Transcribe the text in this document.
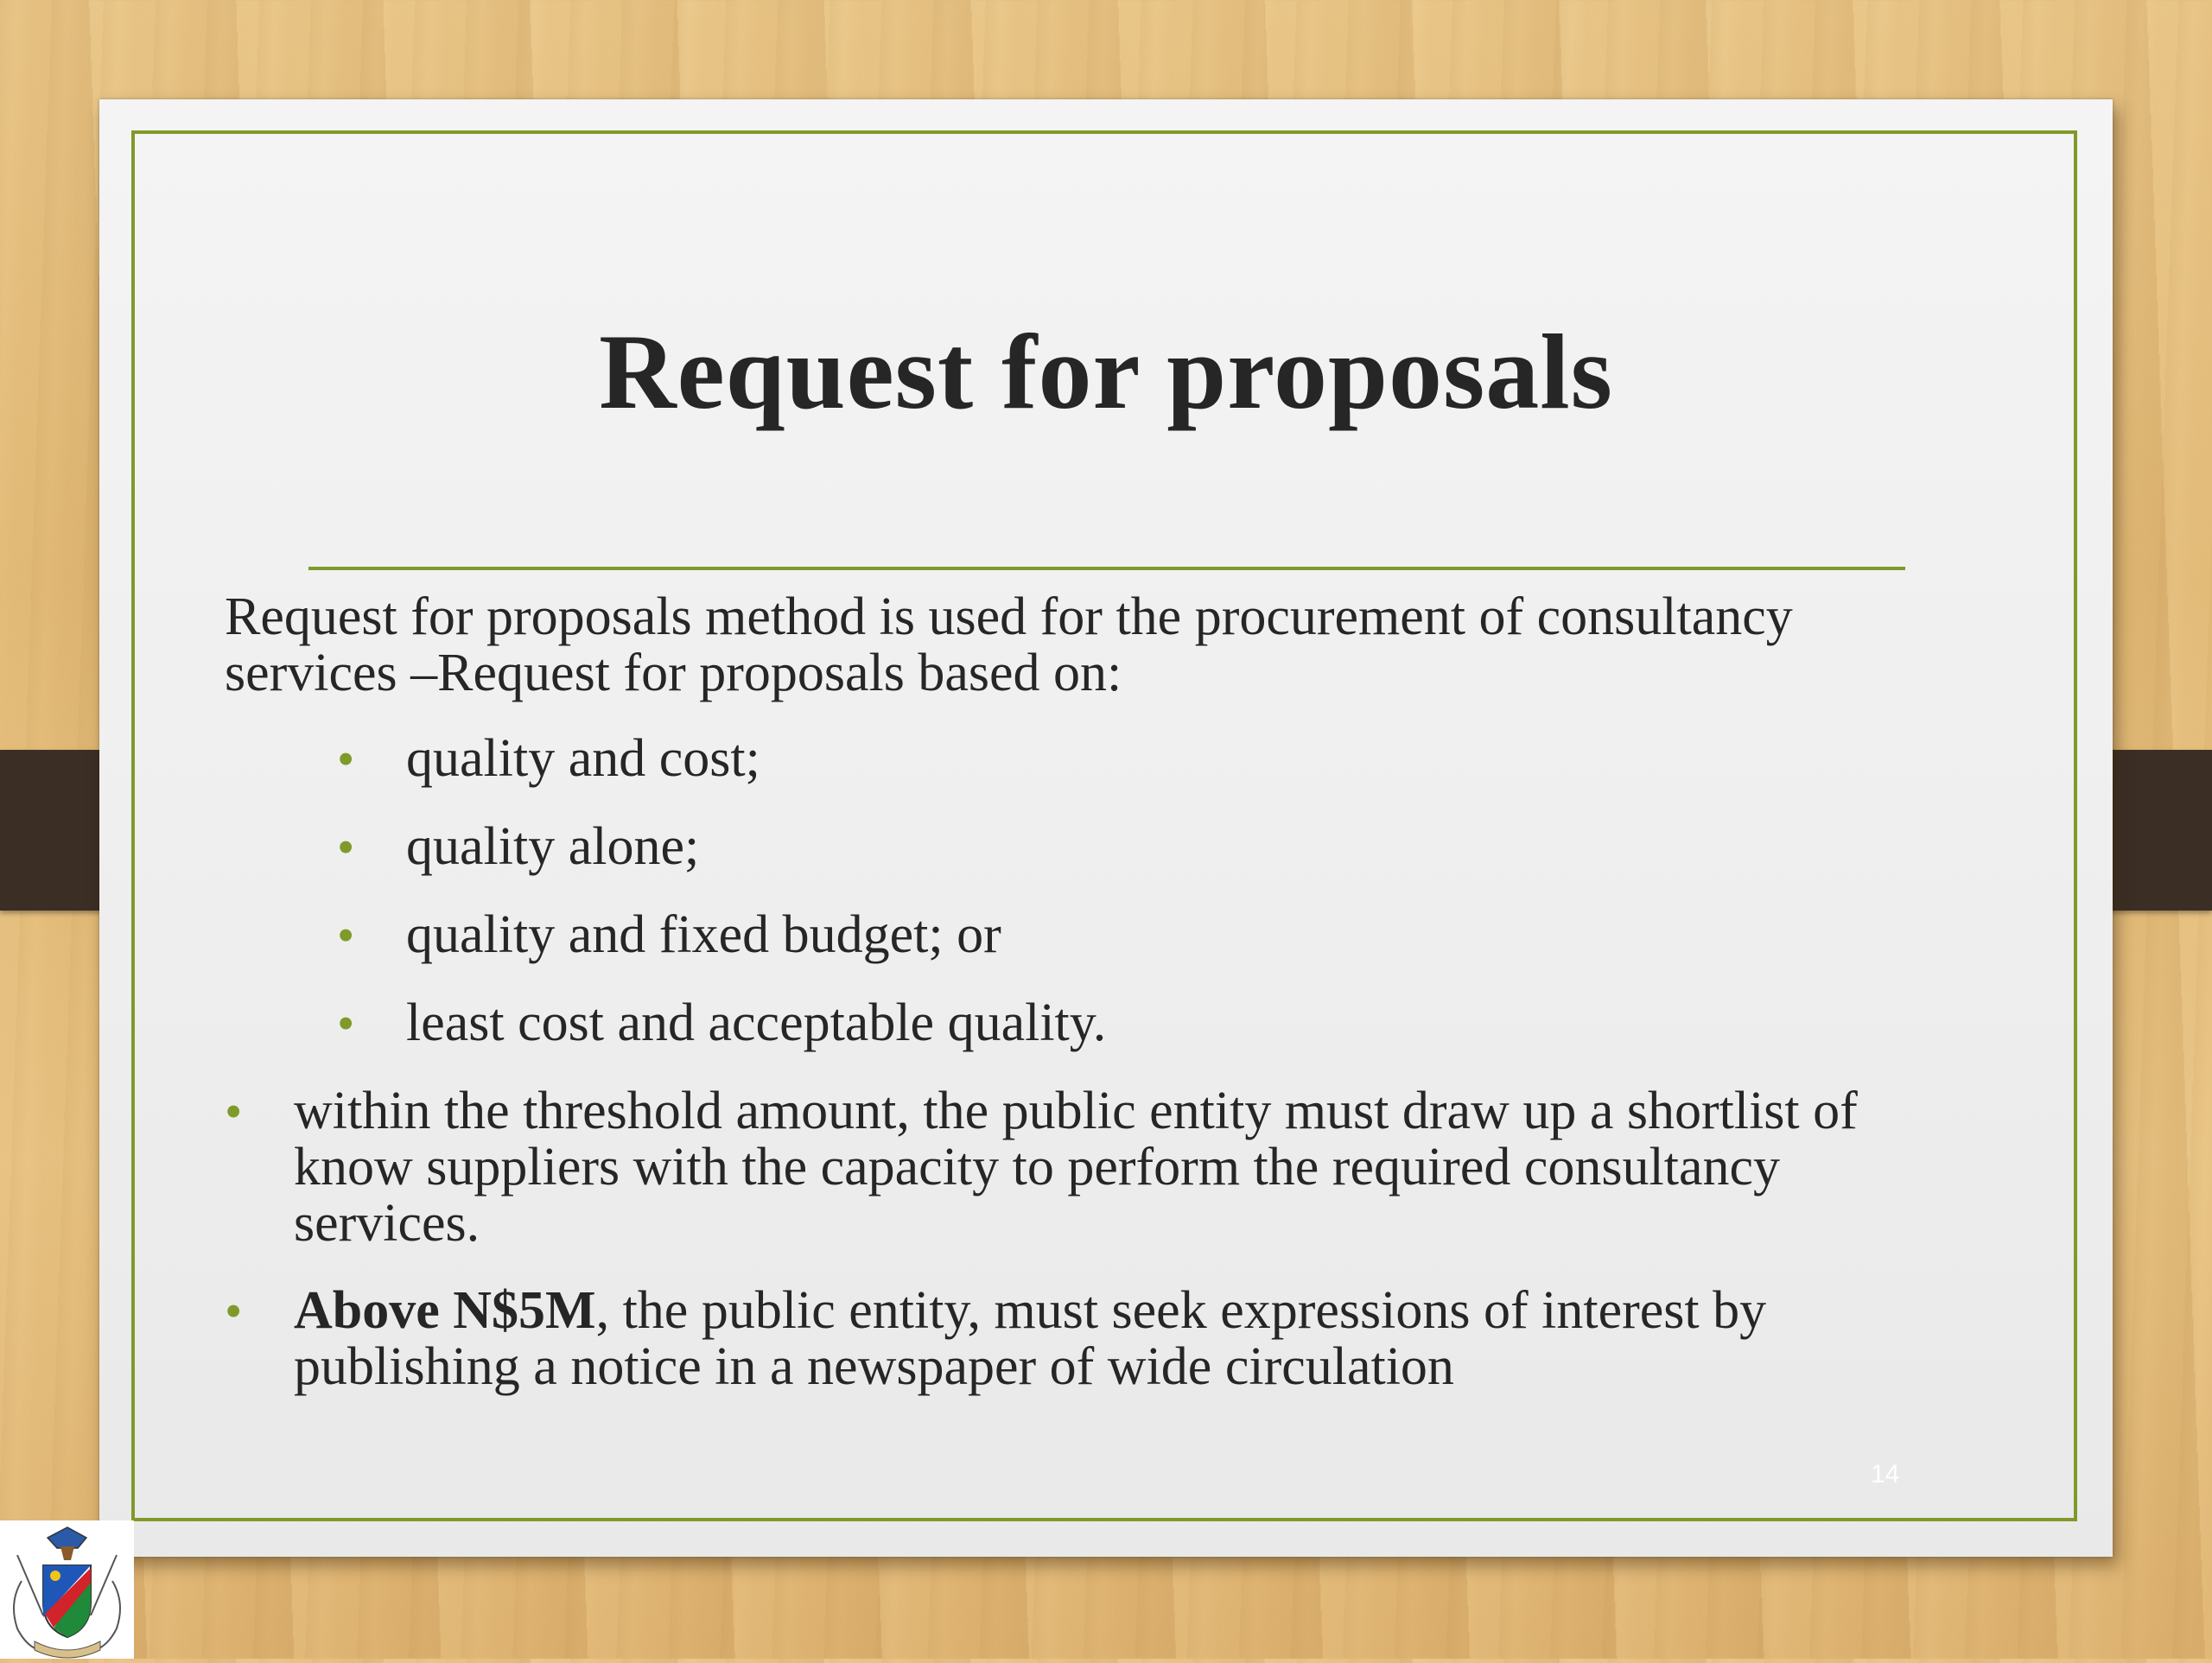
Request for proposals
Request for proposals method is used for the procurement of consultancy services –Request for proposals based on:
• quality and cost;
• quality alone;
• quality and fixed budget; or
• least cost and acceptable quality.
• within the threshold amount, the public entity must draw up a shortlist of know suppliers with the capacity to perform the required consultancy services.
• Above N$5M, the public entity, must seek expressions of interest by publishing a notice in a newspaper of wide circulation
14
